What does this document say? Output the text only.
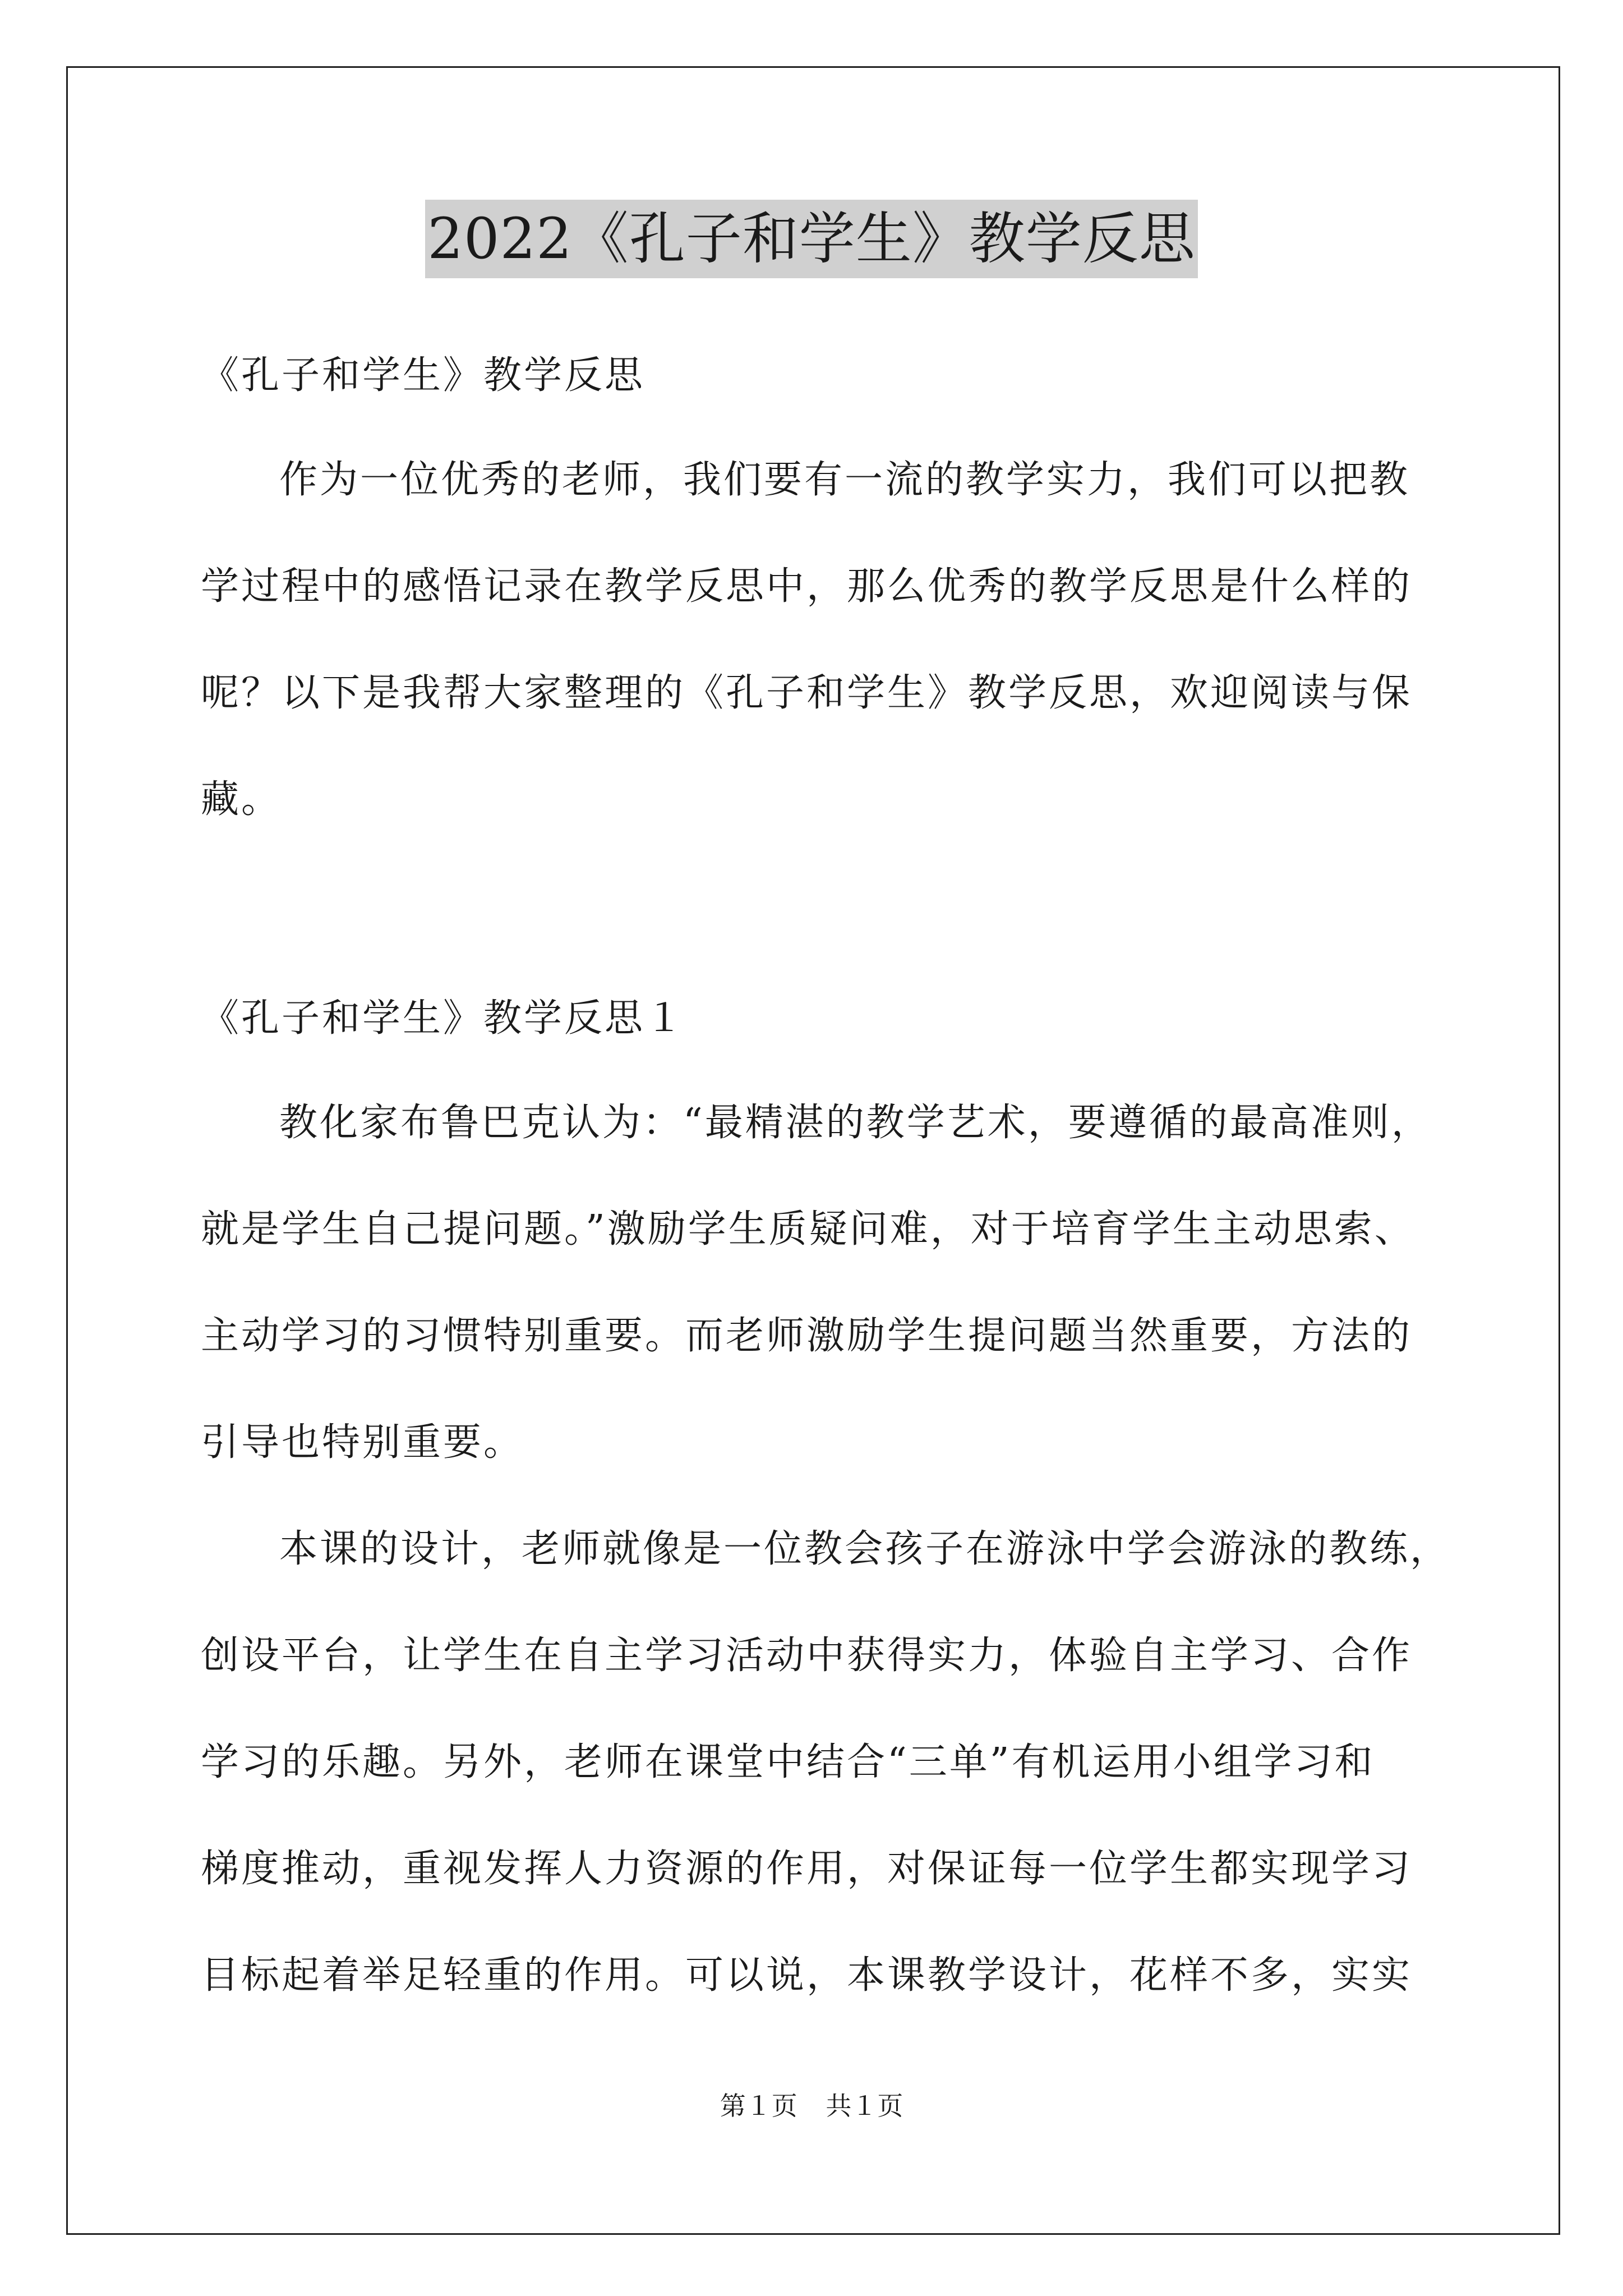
2022《孔子和学生》教学反思
《孔子和学生》教学反思
作为一位优秀的老师，我们要有一流的教学实力，我们可以把教
学过程中的感悟记录在教学反思中，那么优秀的教学反思是什么样的
呢？以下是我帮大家整理的《孔子和学生》教学反思，欢迎阅读与保
藏。
《孔子和学生》教学反思１
教化家布鲁巴克认为：“最精湛的教学艺术，要遵循的最高准则，
就是学生自己提问题。”激励学生质疑问难，对于培育学生主动思索、
主动学习的习惯特别重要。而老师激励学生提问题当然重要，方法的
引导也特别重要。
本课的设计，老师就像是一位教会孩子在游泳中学会游泳的教练，
创设平台，让学生在自主学习活动中获得实力，体验自主学习、合作
学习的乐趣。另外，老师在课堂中结合“三单”有机运用小组学习和
梯度推动，重视发挥人力资源的作用，对保证每一位学生都实现学习
目标起着举足轻重的作用。可以说，本课教学设计，花样不多，实实
第１页 共１页
